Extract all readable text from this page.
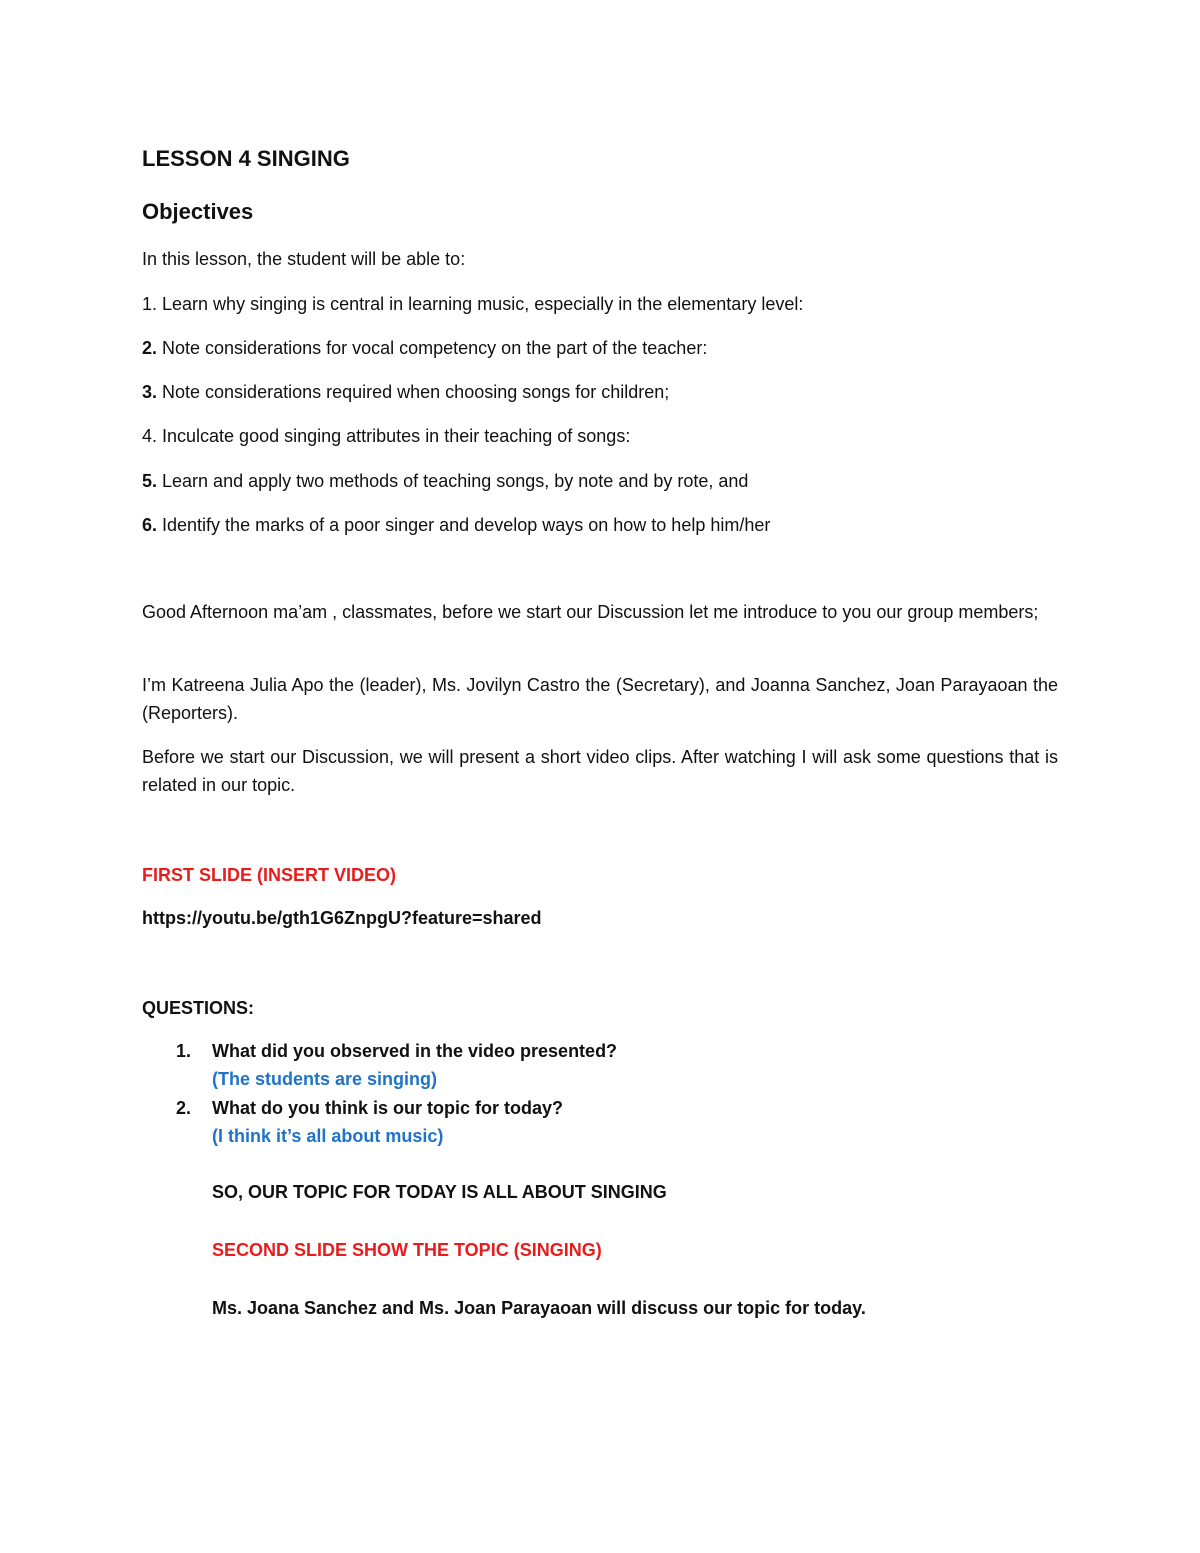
LESSON 4 SINGING
Objectives
In this lesson, the student will be able to:
1. Learn why singing is central in learning music, especially in the elementary level:
2. Note considerations for vocal competency on the part of the teacher:
3. Note considerations required when choosing songs for children;
4. Inculcate good singing attributes in their teaching of songs:
5. Learn and apply two methods of teaching songs, by note and by rote, and
6. Identify the marks of a poor singer and develop ways on how to help him/her
Good Afternoon ma’am , classmates, before we start our Discussion let me introduce to you our group members;
I’m Katreena Julia Apo the (leader), Ms. Jovilyn Castro the (Secretary), and Joanna Sanchez, Joan Parayaoan the (Reporters).
Before we start our Discussion, we will present a short video clips. After watching I will ask some questions that is related in our topic.
FIRST SLIDE (INSERT VIDEO)
https://youtu.be/gth1G6ZnpgU?feature=shared
QUESTIONS:
1. What did you observed in the video presented?
(The students are singing)
2. What do you think is our topic for today?
(I think it’s all about music)
SO, OUR TOPIC FOR TODAY IS ALL ABOUT SINGING
SECOND SLIDE SHOW THE TOPIC (SINGING)
Ms. Joana Sanchez and Ms. Joan Parayaoan will discuss our topic for today.
